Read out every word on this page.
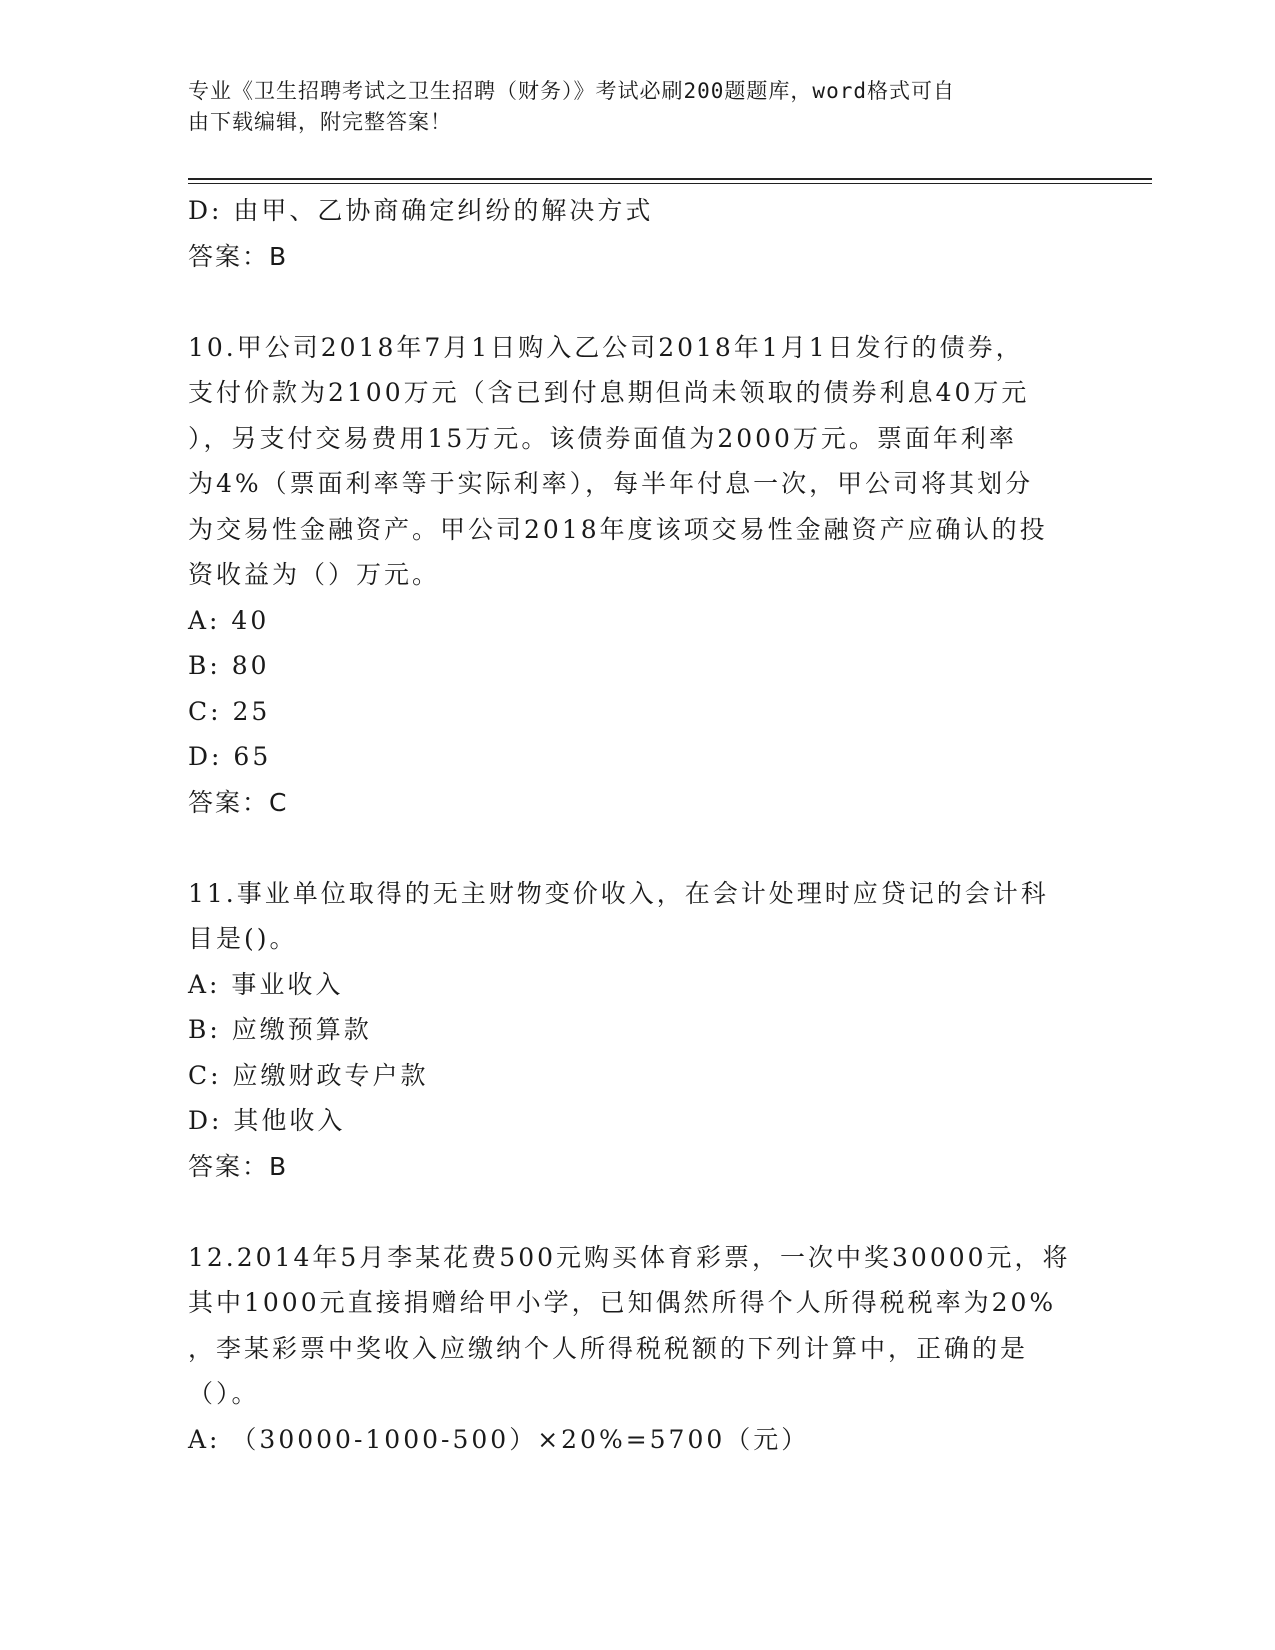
专业《卫生招聘考试之卫生招聘（财务）》考试必刷200题题库，word格式可自
由下载编辑，附完整答案！
D: 由甲、乙协商确定纠纷的解决方式
答案：B
10.甲公司2018年7月1日购入乙公司2018年1月1日发行的债券，
支付价款为2100万元（含已到付息期但尚未领取的债券利息40万元
），另支付交易费用15万元。该债券面值为2000万元。票面年利率
为4%（票面利率等于实际利率），每半年付息一次，甲公司将其划分
为交易性金融资产。甲公司2018年度该项交易性金融资产应确认的投
资收益为（）万元。
A: 40
B: 80
C: 25
D: 65
答案：C
11.事业单位取得的无主财物变价收入，在会计处理时应贷记的会计科
目是()。
A: 事业收入
B: 应缴预算款
C: 应缴财政专户款
D: 其他收入
答案：B
12.2014年5月李某花费500元购买体育彩票，一次中奖30000元，将
其中1000元直接捐赠给甲小学，已知偶然所得个人所得税税率为20%
，李某彩票中奖收入应缴纳个人所得税税额的下列计算中，正确的是
（）。
A: （30000-1000-500）×20%=5700（元）
